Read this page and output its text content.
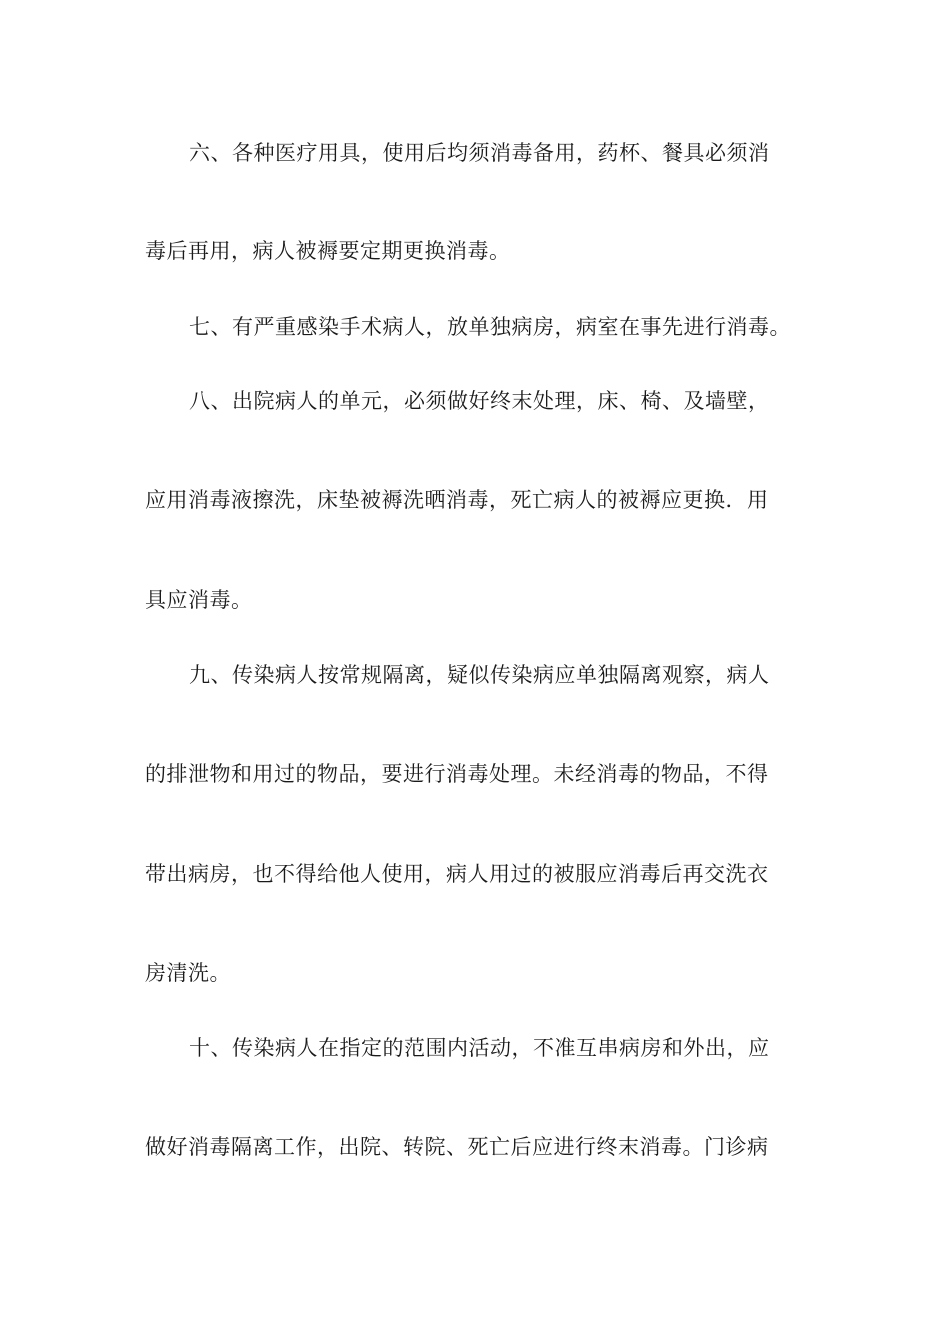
六、各种医疗用具，使用后均须消毒备用，药杯、餐具必须消
毒后再用，病人被褥要定期更换消毒。
七、有严重感染手术病人，放单独病房，病室在事先进行消毒。
八、出院病人的单元，必须做好终末处理，床、椅、及墙壁，
应用消毒液擦洗，床垫被褥洗晒消毒，死亡病人的被褥应更换．用
具应消毒。
九、传染病人按常规隔离，疑似传染病应单独隔离观察，病人
的排泄物和用过的物品，要进行消毒处理。未经消毒的物品，不得
带出病房，也不得给他人使用，病人用过的被服应消毒后再交洗衣
房清洗。
十、传染病人在指定的范围内活动，不准互串病房和外出，应
做好消毒隔离工作，出院、转院、死亡后应进行终末消毒。门诊病
